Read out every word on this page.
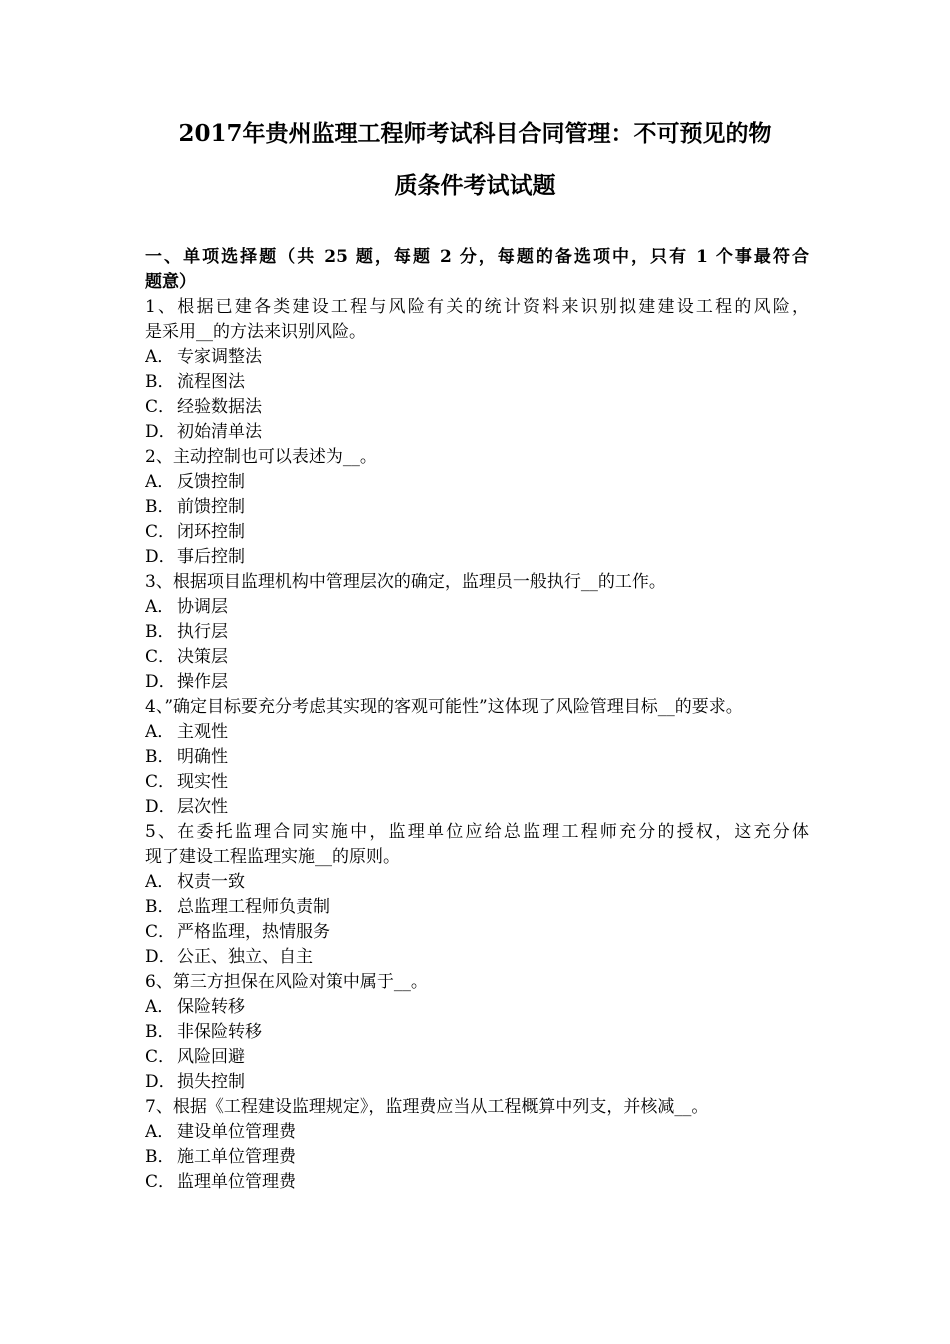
2017年贵州监理工程师考试科目合同管理：不可预见的物
质条件考试试题
一、单项选择题（共 25 题，每题 2 分，每题的备选项中，只有 1 个事最符合
题意）
1、根据已建各类建设工程与风险有关的统计资料来识别拟建建设工程的风险，
是采用__的方法来识别风险。
A． 专家调整法
B． 流程图法
C． 经验数据法
D．初始清单法
2、主动控制也可以表述为__。
A． 反馈控制
B． 前馈控制
C． 闭环控制
D．事后控制
3、根据项目监理机构中管理层次的确定，监理员一般执行__的工作。
A． 协调层
B． 执行层
C． 决策层
D．操作层
4、”确定目标要充分考虑其实现的客观可能性”这体现了风险管理目标__的要求。
A． 主观性
B． 明确性
C． 现实性
D．层次性
5、在委托监理合同实施中，监理单位应给总监理工程师充分的授权，这充分体
现了建设工程监理实施__的原则。
A． 权责一致
B． 总监理工程师负责制
C． 严格监理，热情服务
D．公正、独立、自主
6、第三方担保在风险对策中属于__。
A． 保险转移
B． 非保险转移
C． 风险回避
D．损失控制
7、根据《工程建设监理规定》，监理费应当从工程概算中列支，并核减__。
A． 建设单位管理费
B． 施工单位管理费
C． 监理单位管理费
